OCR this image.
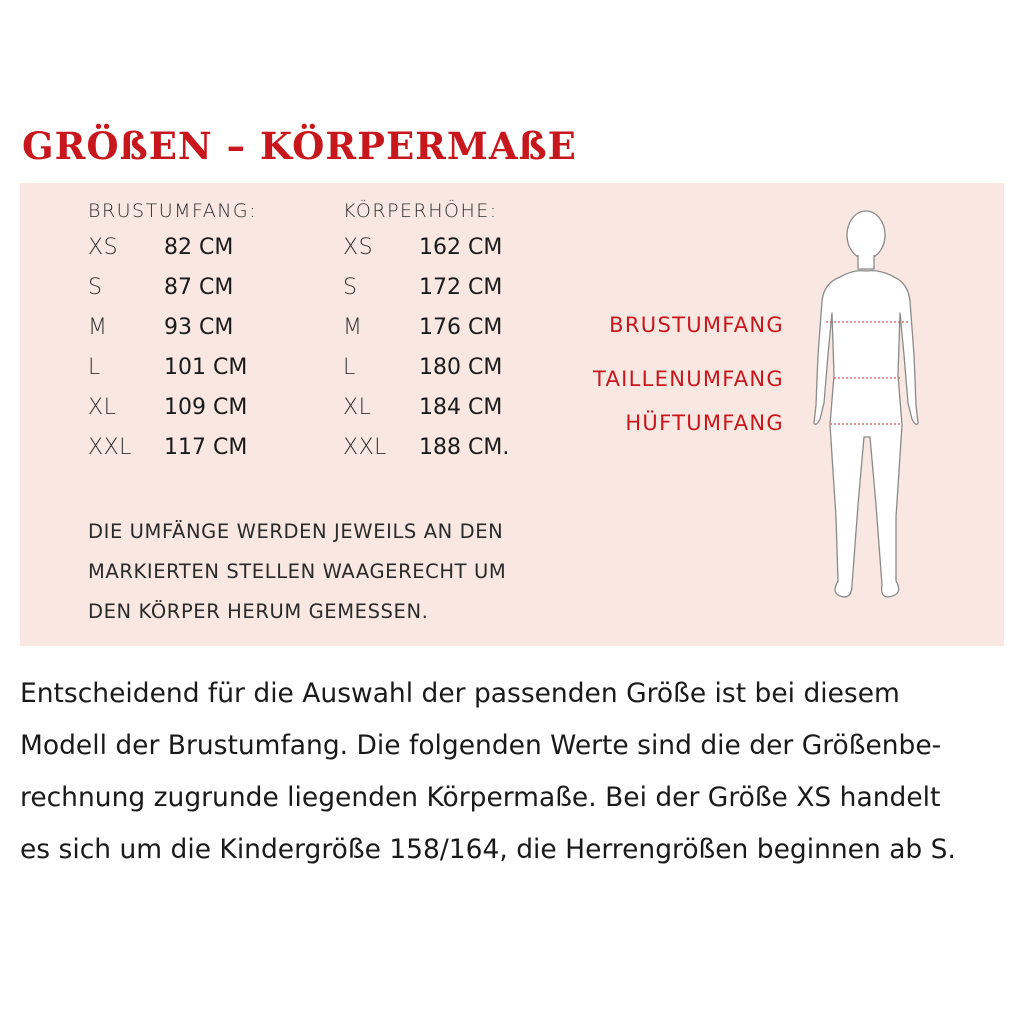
GRÖßEN – KÖRPERMAßE
BRUSTUMFANG:	KÖRPERHÖHE:
XS 82 CM	XS 162 CM
S	87 CM	S	172 CM
M	93 CM	M	176 CM
L	101 CM	L	180 CM
XL 109 CM	XL 184 CM
XXL 117 CM	XXL 188 CM.
DIE UMFÄNGE WERDEN JEWEILS AN DEN
MARKIERTEN STELLEN WAAGERECHT UM
DEN KÖRPER HERUM GEMESSEN.
BRUSTUMFANG
TAILLENUMFANG
HÜFTUMFANG
Entscheidend für die Auswahl der passenden Größe ist bei diesem
Modell der Brustumfang. Die folgenden Werte sind die der Größenbe-
rechnung zugrunde liegenden Körpermaße. Bei der Größe XS handelt
es sich um die Kindergröße 158/164, die Herrengrößen beginnen ab S.
